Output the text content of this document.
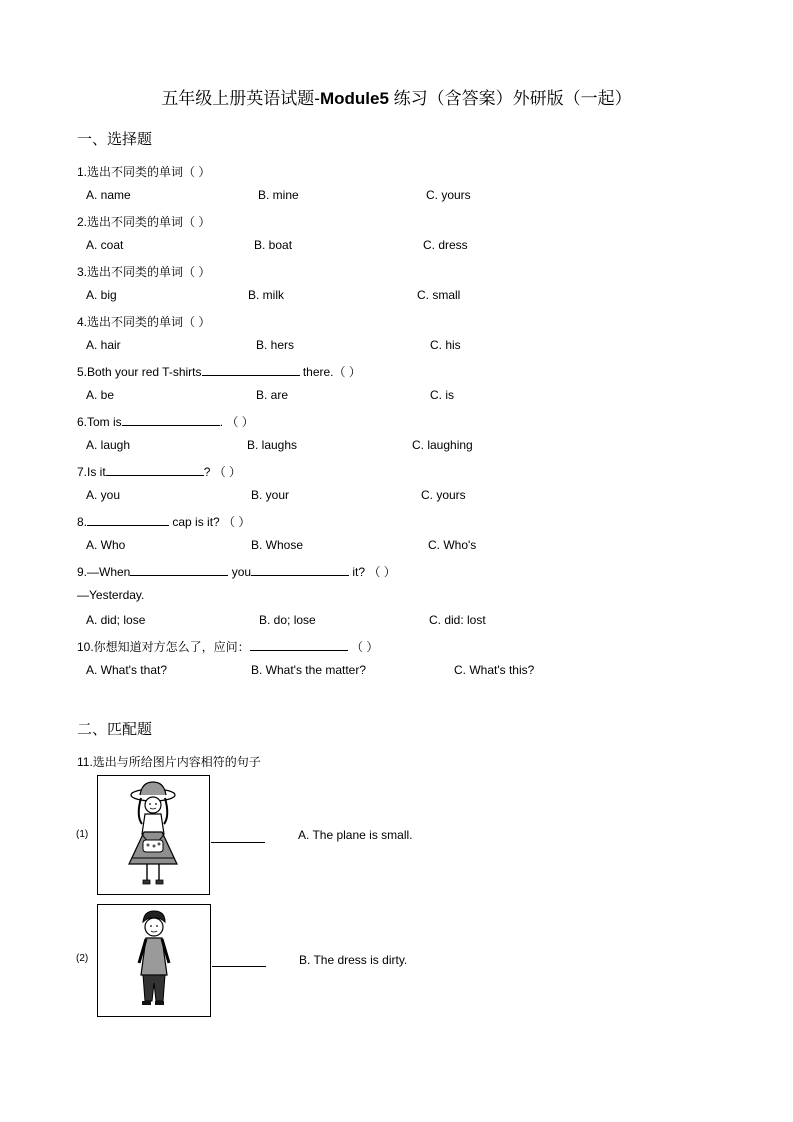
五年级上册英语试题-Module5 练习（含答案）外研版（一起）
一、选择题
1.选出不同类的单词（ ）
A. name	B. mine	C. yours
2.选出不同类的单词（ ）
A. coat	B. boat	C. dress
3.选出不同类的单词（ ）
A. big	B. milk	C. small
4.选出不同类的单词（ ）
A. hair	B. hers	C. his
5.Both your red T-shirts	there.（ ）
A. be	B. are	C. is
6.Tom is	. （ ）
A. laugh	B. laughs	C. laughing
7.Is it	? （ ）
A. you	B. your	C. yours
8.	cap is it? （ ）
A. Who	B. Whose	C. Who's
9.—When	you	it? （ ）
—Yesterday.
A. did; lose	B. do; lose	C. did: lost
10.你想知道对方怎么了，应问：	（ ）
A. What's that?	B. What's the matter?	C. What's this?
二、匹配题
11.选出与所给图片内容相符的句子
(1)	A. The plane is small.
(2)	B. The dress is dirty.
